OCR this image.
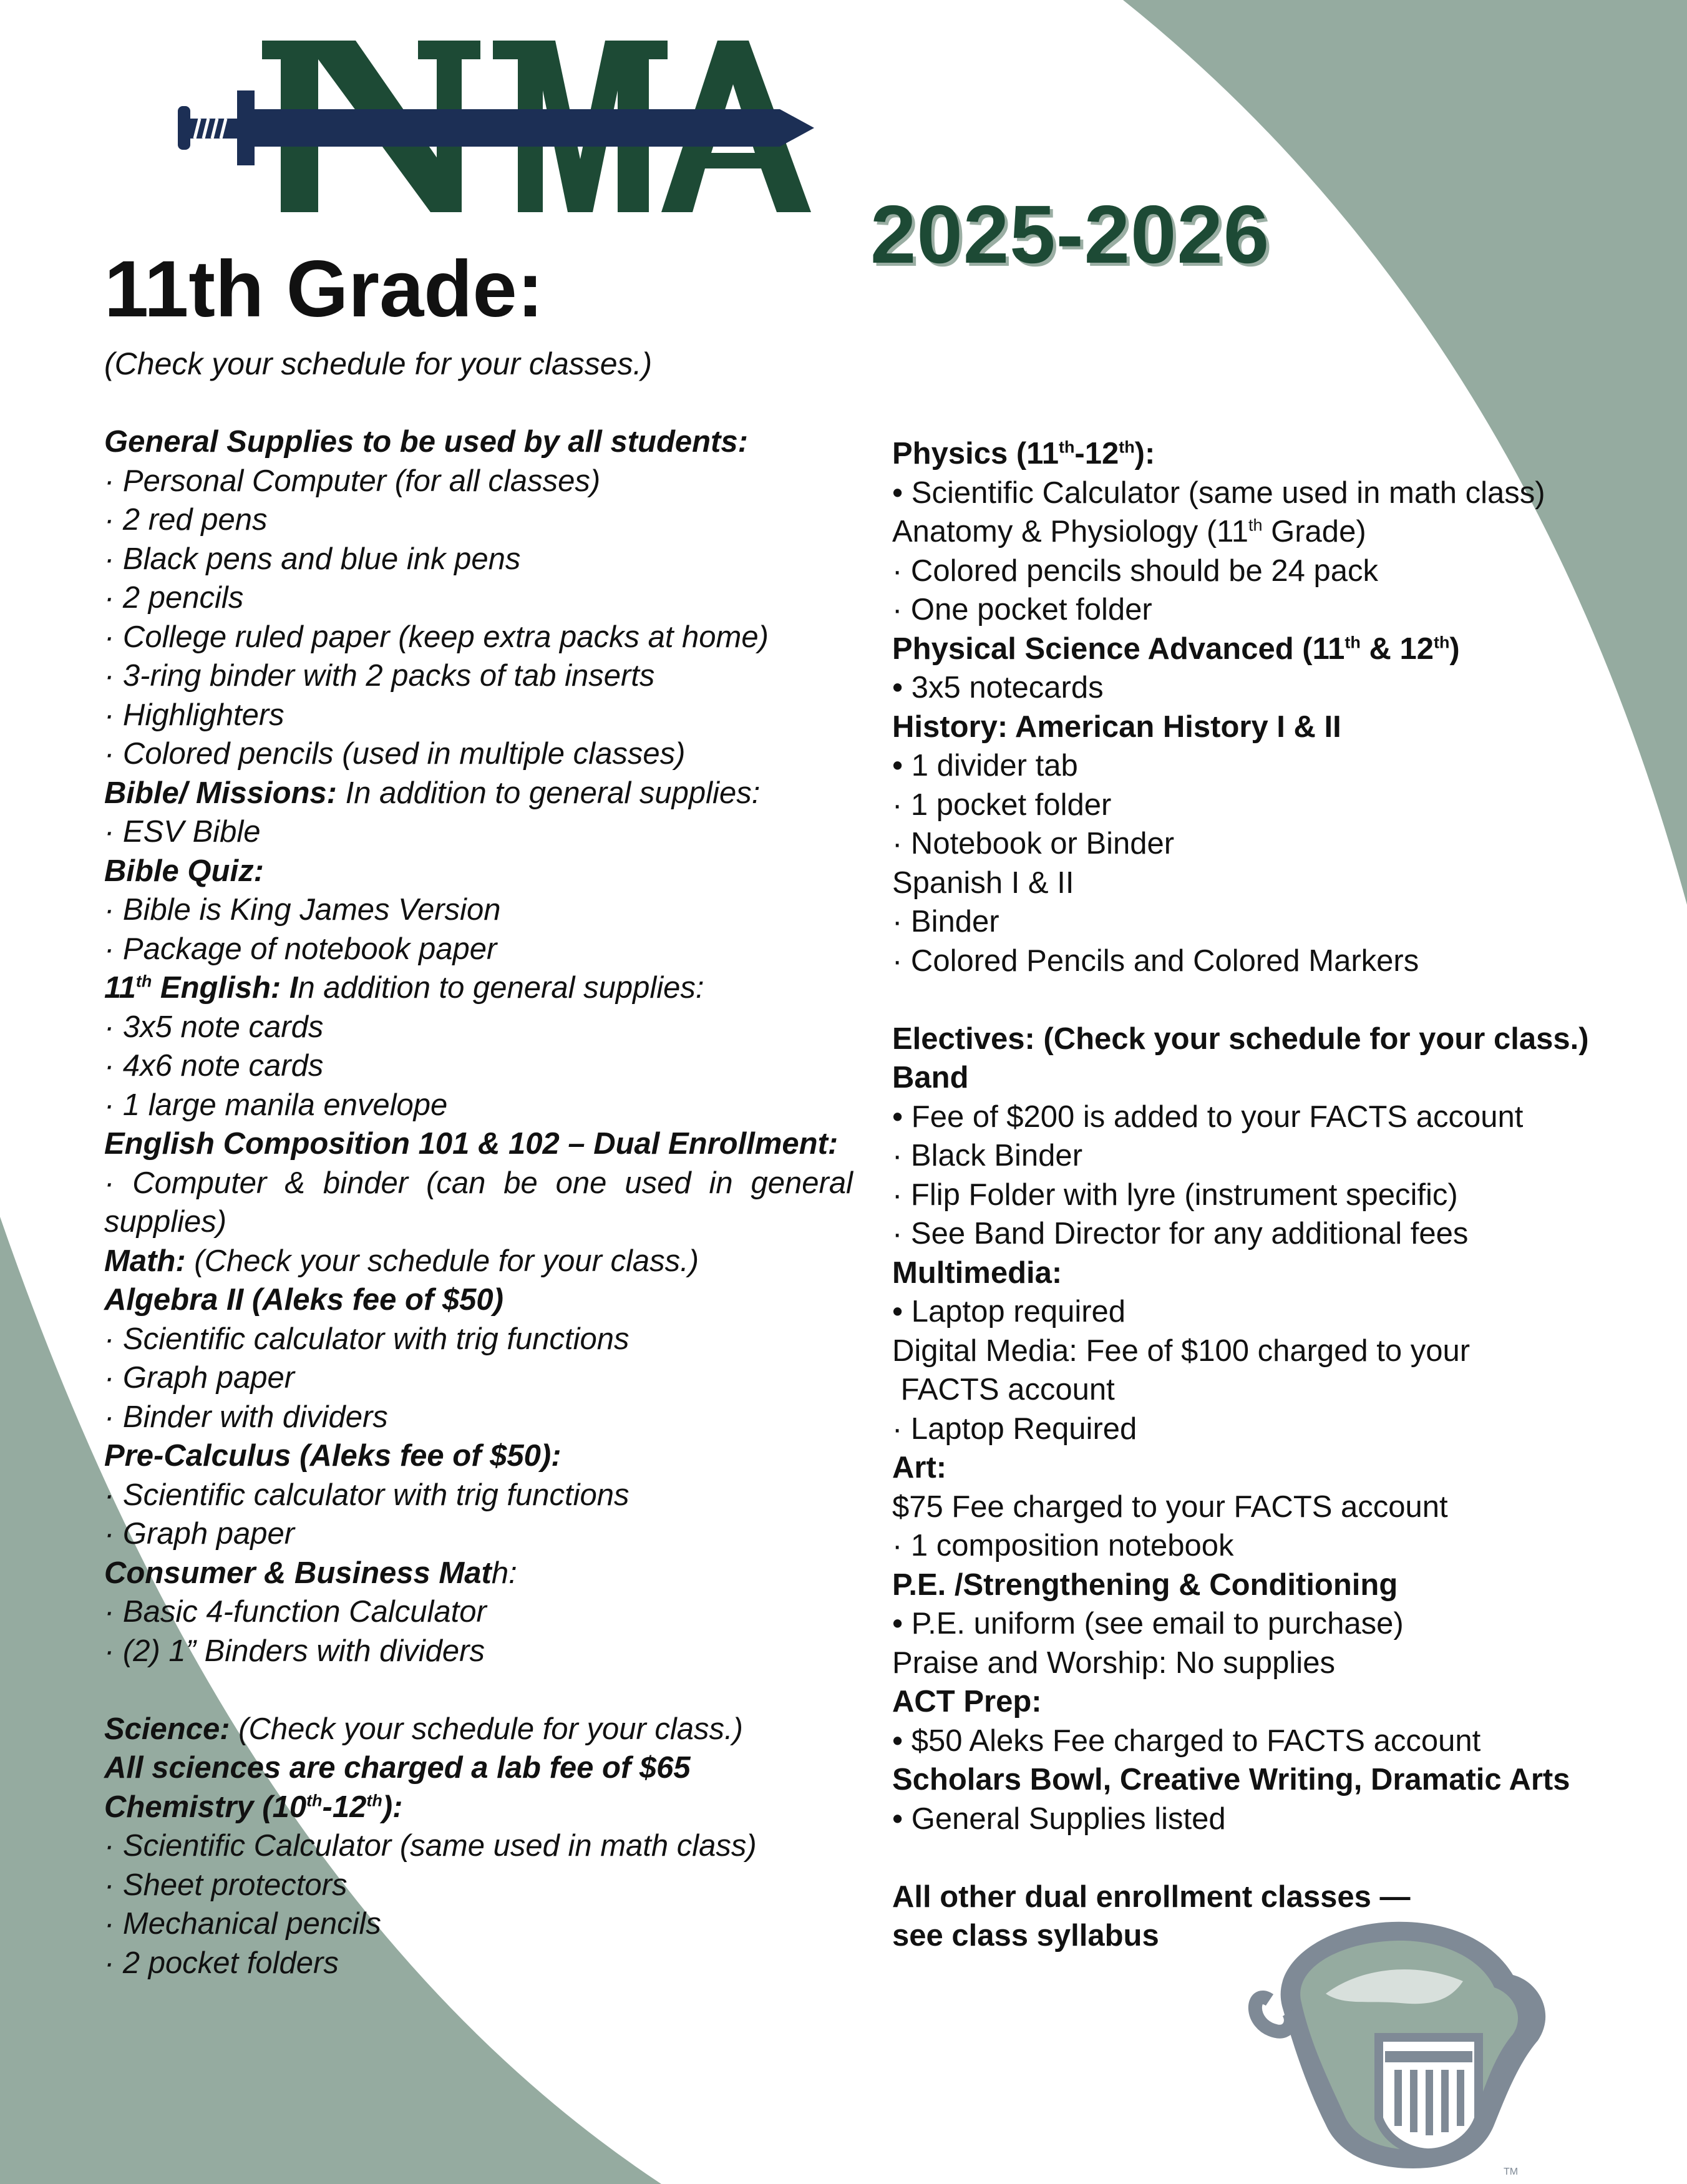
2025-2026
11th Grade:
(Check your schedule for your classes.)

General Supplies to be used by all students:

· Personal Computer (for all classes)

· 2 red pens

· Black pens and blue ink pens

· 2 pencils

· College ruled paper (keep extra packs at home)

· 3-ring binder with 2 packs of tab inserts

· Highlighters

· Colored pencils (used in multiple classes)

Bible/ Missions: In addition to general supplies:

· ESV Bible

Bible Quiz:

· Bible is King James Version

· Package of notebook paper

11th English: In addition to general supplies:

· 3x5 note cards

· 4x6 note cards

· 1 large manila envelope

English Composition 101 & 102 – Dual Enrollment:

· Computer & binder (can be one used in general

supplies)

Math: (Check your schedule for your class.)

Algebra II (Aleks fee of $50)

· Scientific calculator with trig functions

· Graph paper

· Binder with dividers

Pre-Calculus (Aleks fee of $50):

· Scientific calculator with trig functions

· Graph paper

Consumer & Business Math:

· Basic 4-function Calculator

· (2) 1” Binders with dividers

Science: (Check your schedule for your class.)

All sciences are charged a lab fee of $65

Chemistry (10th-12th):

· Scientific Calculator (same used in math class)

· Sheet protectors

· Mechanical pencils

· 2 pocket folders

Physics (11th-12th):

• Scientific Calculator (same used in math class)

Anatomy & Physiology (11th Grade)

· Colored pencils should be 24 pack

· One pocket folder

Physical Science Advanced (11th & 12th)

• 3x5 notecards

History: American History I & II

• 1 divider tab

· 1 pocket folder

· Notebook or Binder

Spanish I & II

· Binder

· Colored Pencils and Colored Markers

Electives: (Check your schedule for your class.)

Band

• Fee of $200 is added to your FACTS account

· Black Binder

· Flip Folder with lyre (instrument specific)

· See Band Director for any additional fees

Multimedia:

• Laptop required

Digital Media: Fee of $100 charged to your

FACTS account

· Laptop Required

Art:

$75 Fee charged to your FACTS account

· 1 composition notebook

P.E. /Strengthening & Conditioning

• P.E. uniform (see email to purchase)

Praise and Worship: No supplies

ACT Prep:

• $50 Aleks Fee charged to FACTS account

Scholars Bowl, Creative Writing, Dramatic Arts

• General Supplies listed

All other dual enrollment classes —

see class syllabus

TM
